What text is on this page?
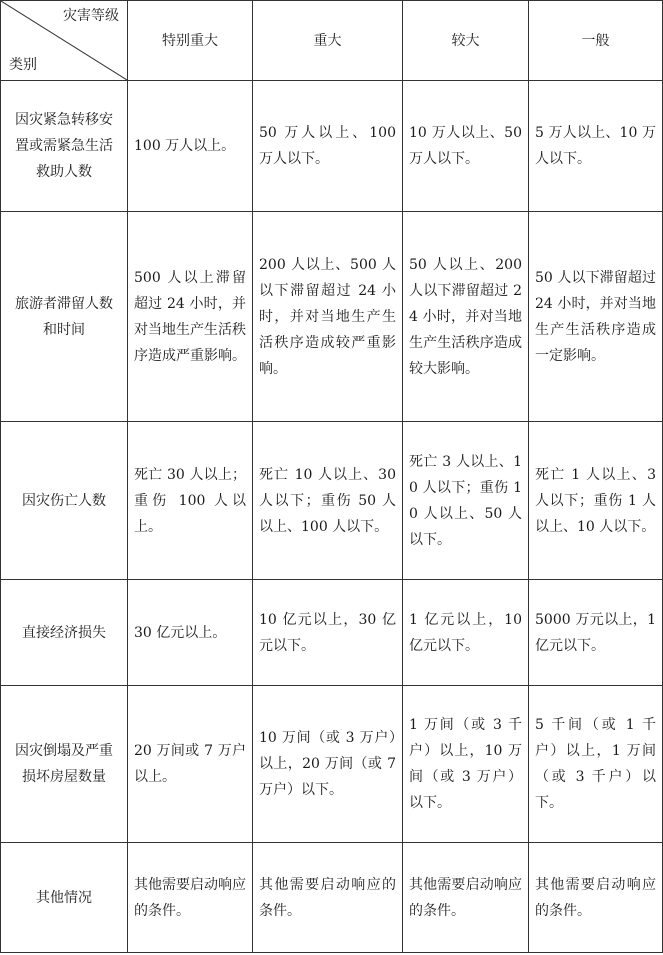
灾害等级
类别	特别重大	重大	较大	一般
因灾紧急转移安置或需紧急生活救助人数	100 万人以上。	50 万人以上、100 万人以下。	10 万人以上、50 万人以下。	5 万人以上、10 万人以下。
旅游者滞留人数和时间	500 人以上滞留超过 24 小时，并对当地生产生活秩序造成严重影响。	200 人以上、500 人以下滞留超过 24 小时，并对当地生产生活秩序造成较严重影响。	50 人以上、200 人以下滞留超过 24 小时，并对当地生产生活秩序造成较大影响。	50 人以下滞留超过 24 小时，并对当地生产生活秩序造成一定影响。
因灾伤亡人数	死亡 30 人以上；重伤 100 人以上。	死亡 10 人以上、30 人以下；重伤 50 人以上、100 人以下。	死亡 3 人以上、10 人以下；重伤 10 人以上、50 人以下。	死亡 1 人以上、3 人以下；重伤 1 人以上、10 人以下。
直接经济损失	30 亿元以上。	10 亿元以上，30 亿元以下。	1 亿元以上，10 亿元以下。	5000 万元以上，1 亿元以下。
因灾倒塌及严重损坏房屋数量	20 万间或 7 万户以上。	10 万间（或 3 万户）以上，20 万间（或 7 万户）以下。	1 万间（或 3 千户）以上，10 万间（或 3 万户）以下。	5 千间（或 1 千户）以上，1 万间（或 3 千户）以下。
其他情况	其他需要启动响应的条件。	其他需要启动响应的条件。	其他需要启动响应的条件。	其他需要启动响应的条件。
